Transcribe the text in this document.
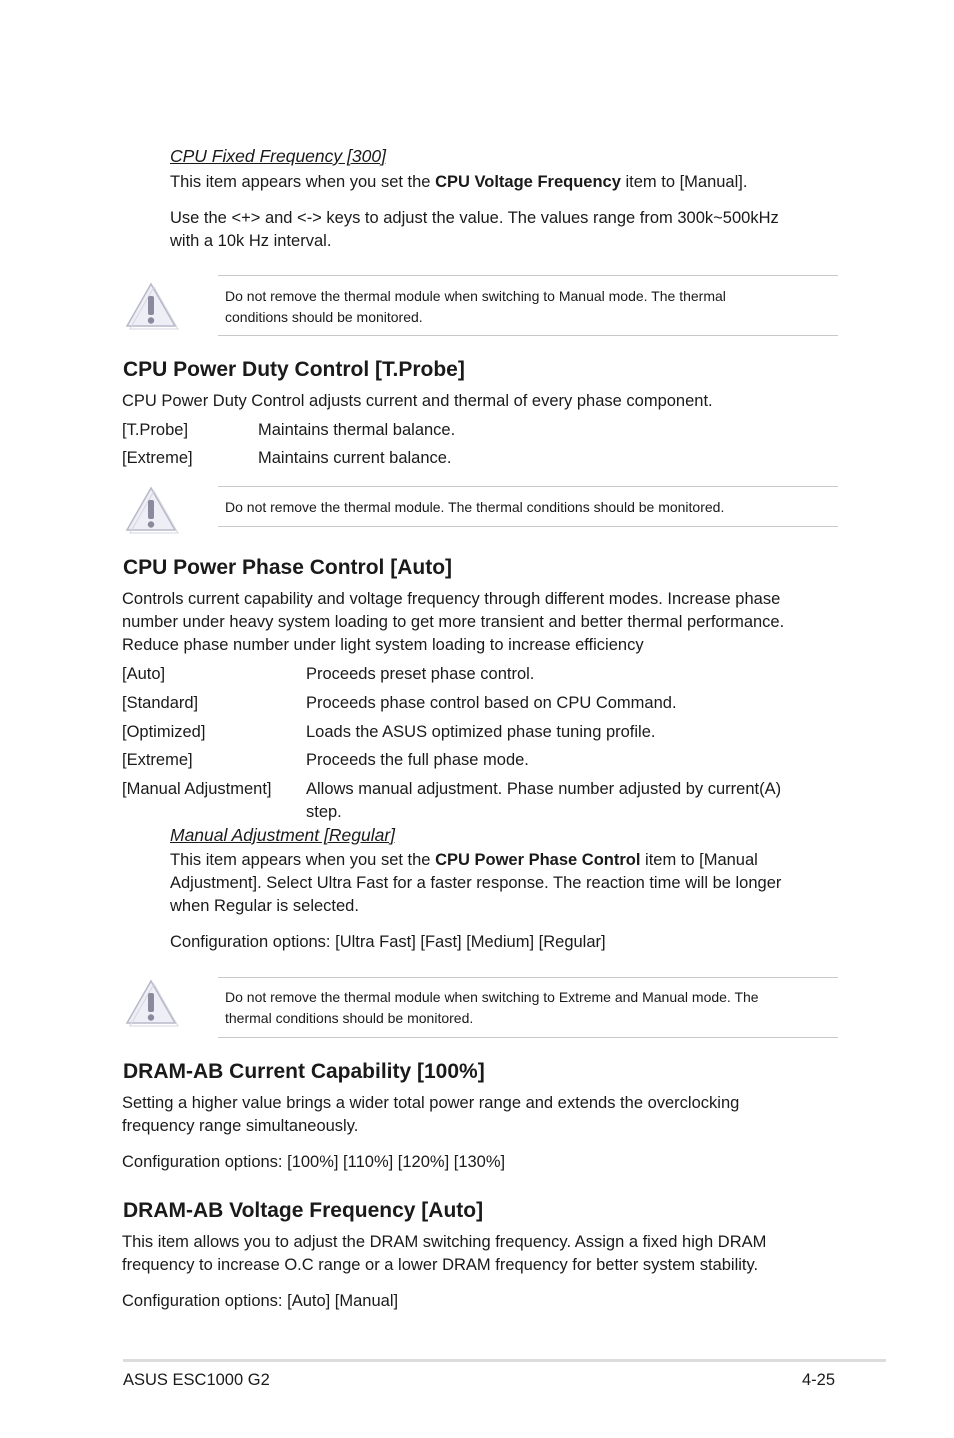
CPU Fixed Frequency [300]
This item appears when you set the CPU Voltage Frequency item to [Manual].
Use the <+> and <-> keys to adjust the value. The values range from 300k~500kHz
with a 10k Hz interval.
Do not remove the thermal module when switching to Manual mode. The thermal
conditions should be monitored.
CPU Power Duty Control [T.Probe]
CPU Power Duty Control adjusts current and thermal of every phase component.
[T.Probe]	Maintains thermal balance.
[Extreme]	Maintains current balance.
Do not remove the thermal module. The thermal conditions should be monitored.
CPU Power Phase Control [Auto]
Controls current capability and voltage frequency through different modes. Increase phase
number under heavy system loading to get more transient and better thermal performance.
Reduce phase number under light system loading to increase efficiency
[Auto]	Proceeds preset phase control.
[Standard]	Proceeds phase control based on CPU Command.
[Optimized]	Loads the ASUS optimized phase tuning profile.
[Extreme]	Proceeds the full phase mode.
[Manual Adjustment] Allows manual adjustment. Phase number adjusted by current(A)
step.
Manual Adjustment [Regular]
This item appears when you set the CPU Power Phase Control item to [Manual
Adjustment]. Select Ultra Fast for a faster response. The reaction time will be longer
when Regular is selected.
Configuration options: [Ultra Fast] [Fast] [Medium] [Regular]
Do not remove the thermal module when switching to Extreme and Manual mode. The
thermal conditions should be monitored.
DRAM-AB Current Capability [100%]
Setting a higher value brings a wider total power range and extends the overclocking
frequency range simultaneously.
Configuration options: [100%] [110%] [120%] [130%]
DRAM-AB Voltage Frequency [Auto]
This item allows you to adjust the DRAM switching frequency. Assign a fixed high DRAM
frequency to increase O.C range or a lower DRAM frequency for better system stability.
Configuration options: [Auto] [Manual]
ASUS ESC1000 G2	4-25
